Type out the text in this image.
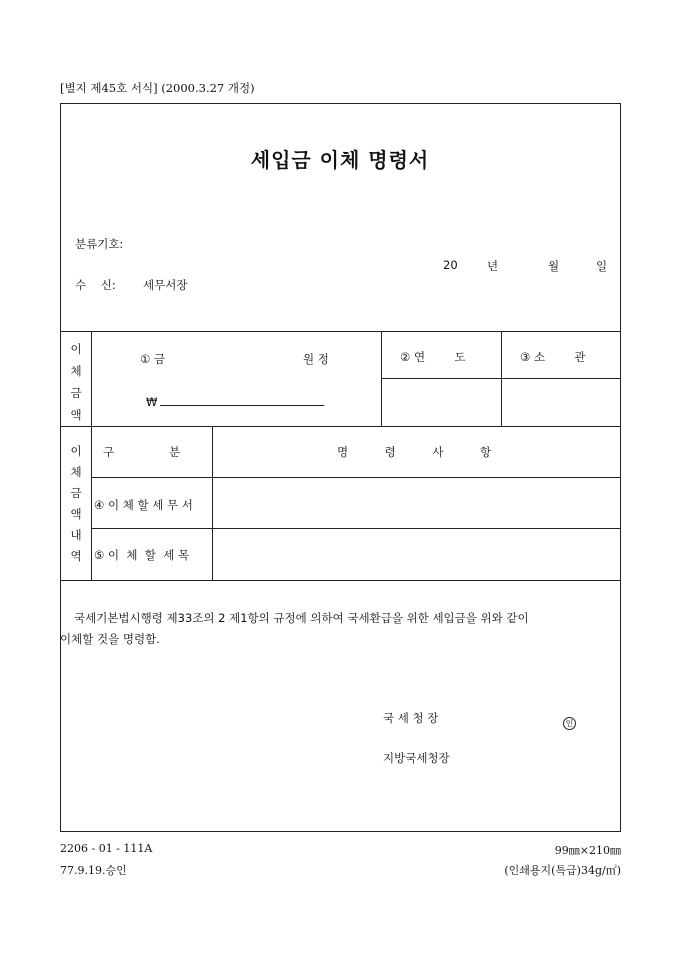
[별지 제45호 서식] (2000.3.27 개정)
세입금 이체 명령서
분류기호:
20	년	월	일
수    신: 세무서장
이
체
금
액
① 금	원 정
₩
② 연        도	③ 소        관
이
체
금
액
내
역
구               분	명          령          사          항
④ 이 체 할 세 무 서
⑤ 이  체  할  세 목
국세기본법시행령 제33조의 2 제1항의 규정에 의하여 국세환급을 위한 세입금을 위와 같이
이체할 것을 명령함.
국 세 청 장	인
지방국세청장
2206 - 01 - 111A
77.9.19.승인
99㎜×210㎜
(인쇄용지(특급)34g/㎡)
